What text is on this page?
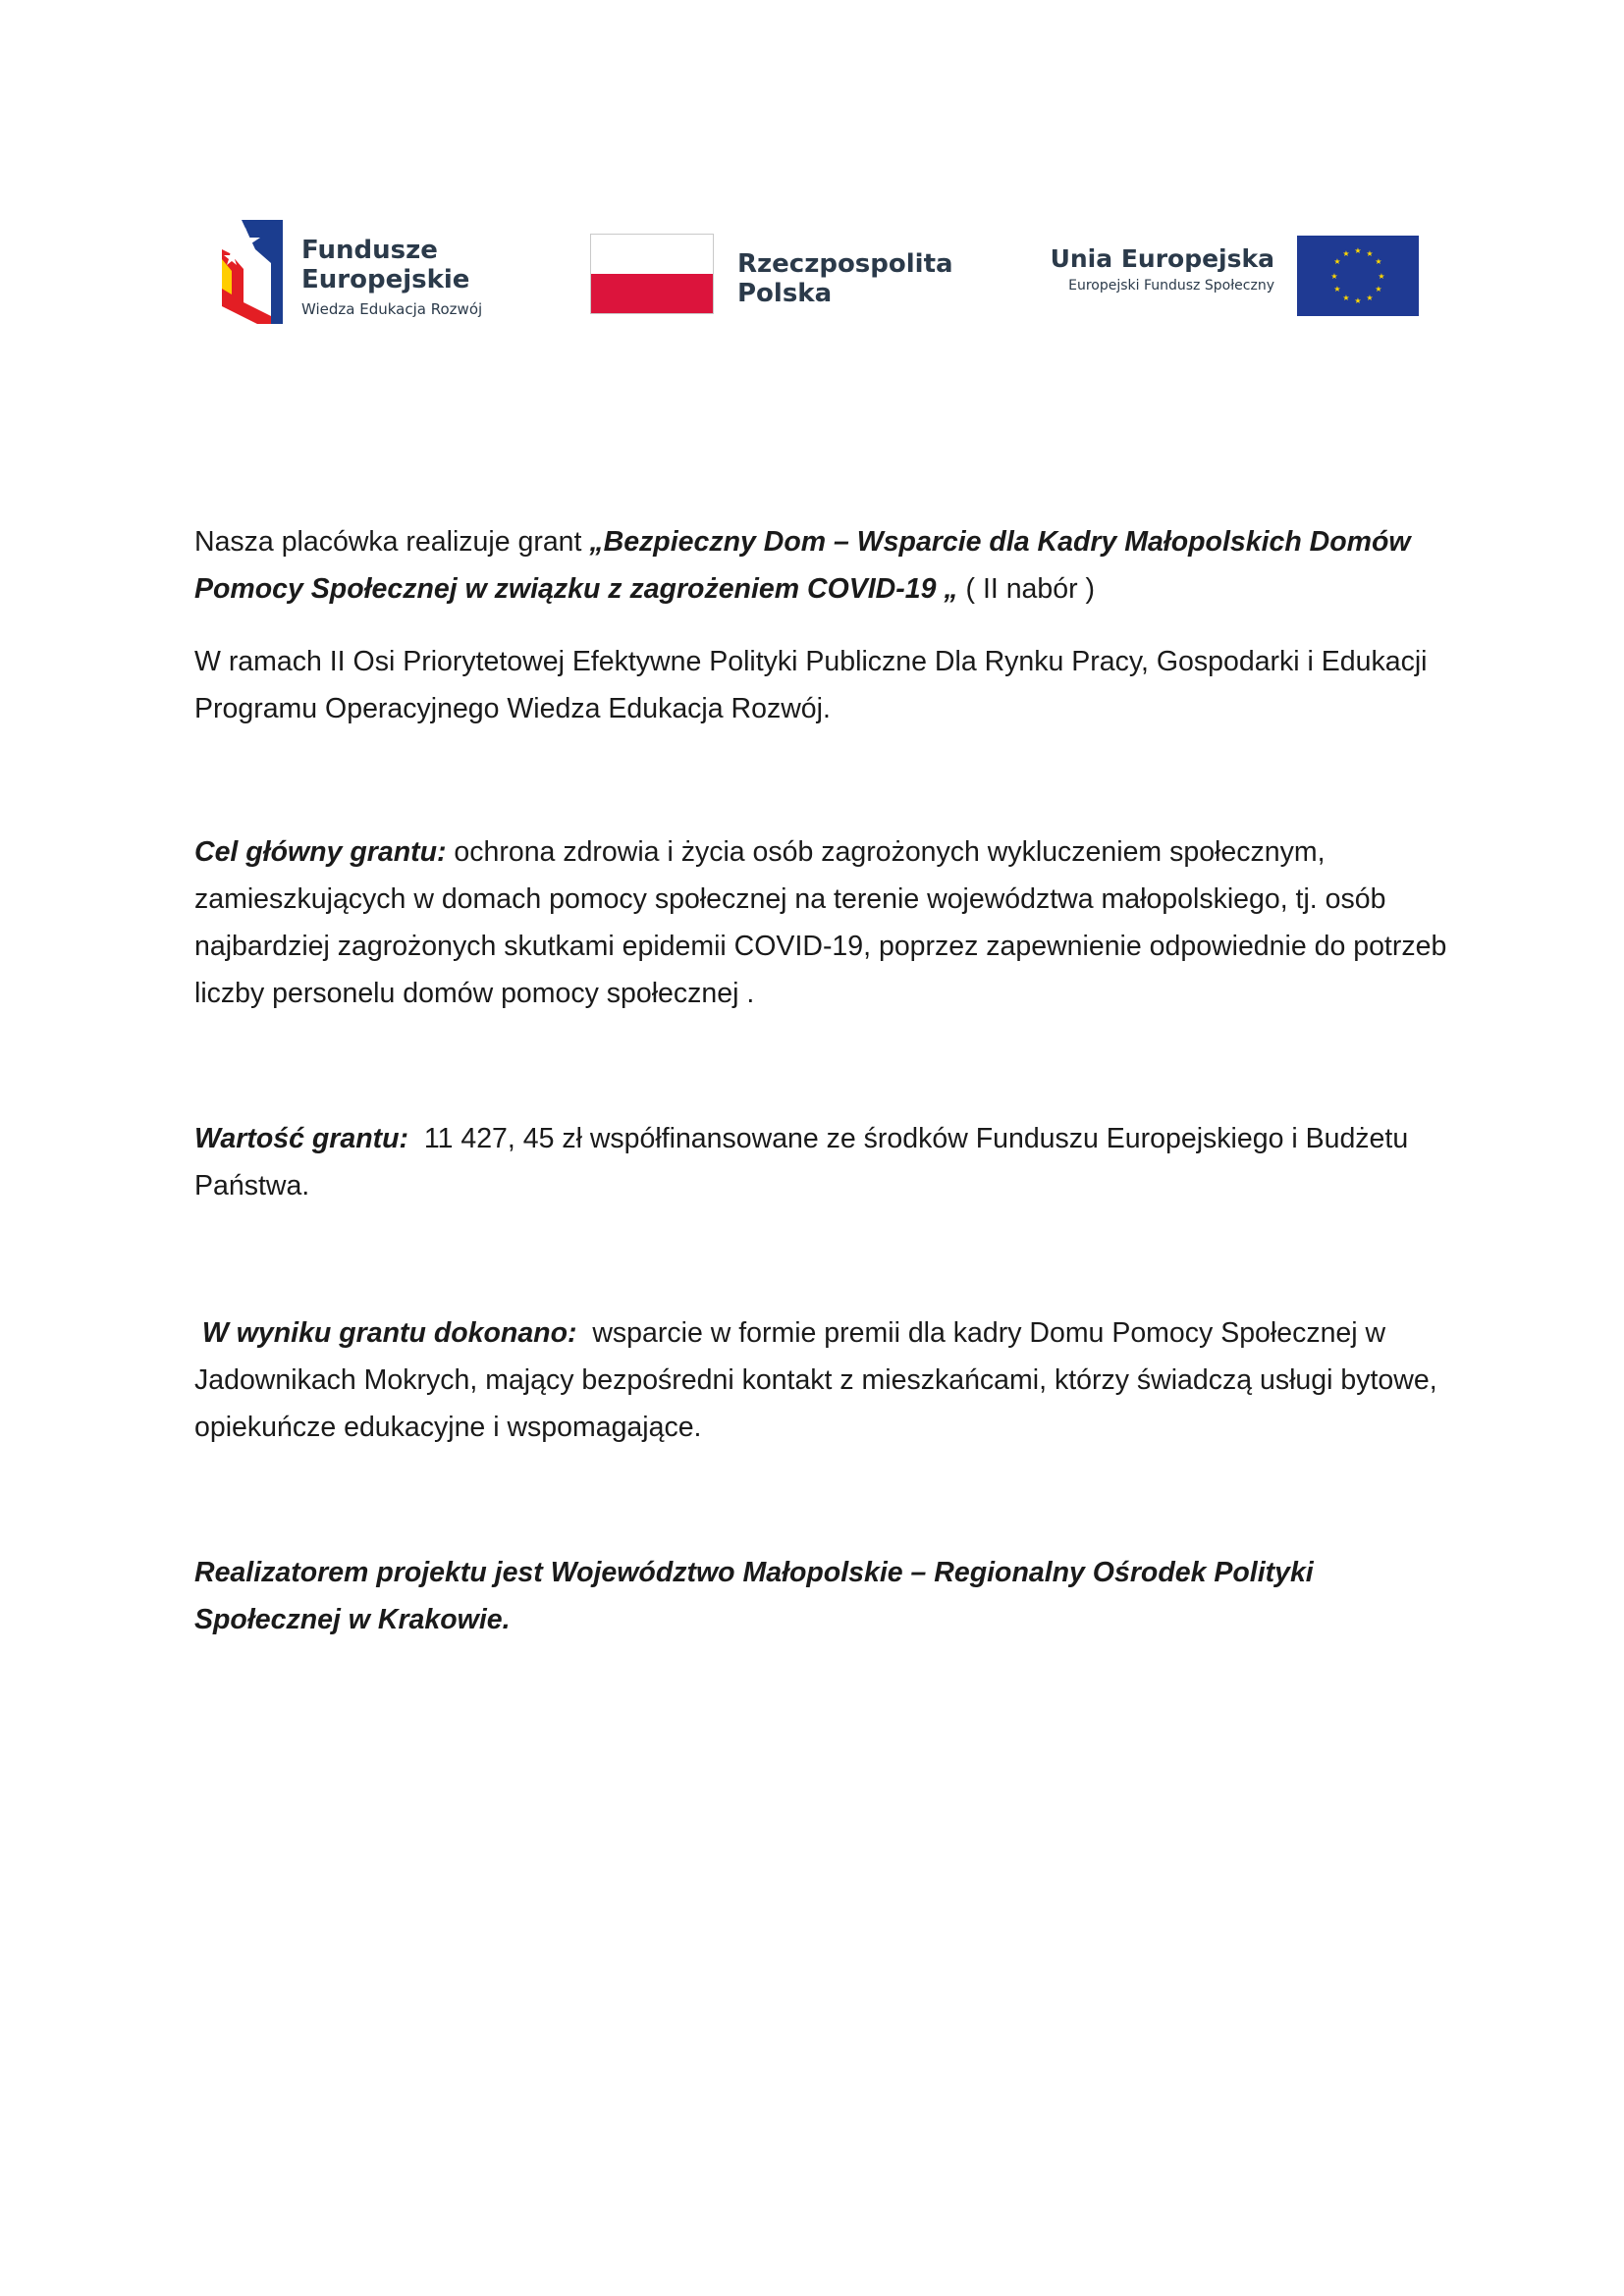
Fundusze
Europejskie
Wiedza Edukacja Rozwój
Rzeczpospolita
Polska
Unia Europejska
Europejski Fundusz Społeczny
★ ★
★
★
★
★
★
★
★
★
★
★

Nasza placówka realizuje grant „Bezpieczny Dom – Wsparcie dla Kadry Małopolskich Domów Pomocy Społecznej w związku z zagrożeniem COVID-19 „ ( II nabór )

W ramach II Osi Priorytetowej Efektywne Polityki Publiczne Dla Rynku Pracy, Gospodarki i Edukacji Programu Operacyjnego Wiedza Edukacja Rozwój.

Cel główny grantu: ochrona zdrowia i życia osób zagrożonych wykluczeniem społecznym, zamieszkujących w domach pomocy społecznej na terenie województwa małopolskiego, tj. osób najbardziej zagrożonych skutkami epidemii COVID-19, poprzez zapewnienie odpowiednie do potrzeb liczby personelu domów pomocy społecznej .

Wartość grantu:  11 427, 45 zł współfinansowane ze środków Funduszu Europejskiego i Budżetu Państwa.

W wyniku grantu dokonano:  wsparcie w formie premii dla kadry Domu Pomocy Społecznej w Jadownikach Mokrych, mający bezpośredni kontakt z mieszkańcami, którzy świadczą usługi bytowe, opiekuńcze edukacyjne i wspomagające.

Realizatorem projektu jest Województwo Małopolskie – Regionalny Ośrodek Polityki Społecznej w Krakowie.
